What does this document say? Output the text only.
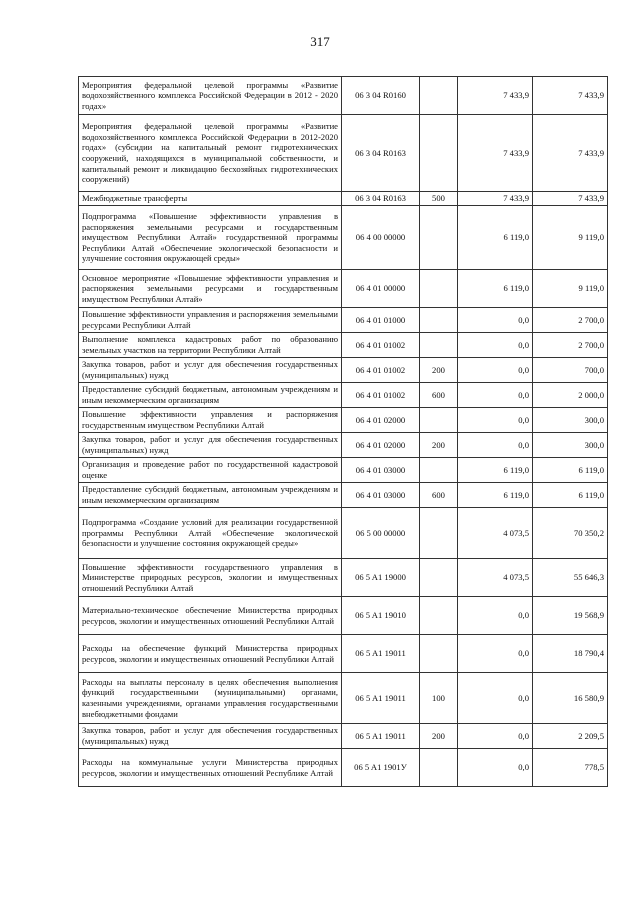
317
Мероприятия федеральной целевой программы «Развитие водохозяйственного комплекса Российской Федерации в 2012 - 2020 годах»	06 3 04 R0160		7 433,9	7 433,9
Мероприятия федеральной целевой программы «Развитие водохозяйственного комплекса Российской Федерации в 2012-2020 годах» (субсидии на капитальный ремонт гидротехнических сооружений, находящихся в муниципальной собственности, и капитальный ремонт и ликвидацию бесхозяйных гидротехнических сооружений)	06 3 04 R0163		7 433,9	7 433,9
Межбюджетные трансферты	06 3 04 R0163	500	7 433,9	7 433,9
Подпрограмма «Повышение эффективности управления в распоряжения земельными ресурсами и государственным имуществом Республики Алтай» государственной программы Республики Алтай «Обеспечение экологической безопасности и улучшение состояния окружающей среды»	06 4 00 00000		6 119,0	9 119,0
Основное мероприятие «Повышение эффективности управления и распоряжения земельными ресурсами и государственным имуществом Республики Алтай»	06 4 01 00000		6 119,0	9 119,0
Повышение эффективности управления и распоряжения земельными ресурсами Республики Алтай	06 4 01 01000		0,0	2 700,0
Выполнение комплекса кадастровых работ по образованию земельных участков на территории Республики Алтай	06 4 01 01002		0,0	2 700,0
Закупка товаров, работ и услуг для обеспечения государственных (муниципальных) нужд	06 4 01 01002	200	0,0	700,0
Предоставление субсидий бюджетным, автономным учреждениям и иным некоммерческим организациям	06 4 01 01002	600	0,0	2 000,0
Повышение эффективности управления и распоряжения государственным имуществом Республики Алтай	06 4 01 02000		0,0	300,0
Закупка товаров, работ и услуг для обеспечения государственных (муниципальных) нужд	06 4 01 02000	200	0,0	300,0
Организация и проведение работ по государственной кадастровой оценке	06 4 01 03000		6 119,0	6 119,0
Предоставление субсидий бюджетным, автономным учреждениям и иным некоммерческим организациям	06 4 01 03000	600	6 119,0	6 119,0
Подпрограмма «Создание условий для реализации государственной программы Республики Алтай «Обеспечение экологической безопасности и улучшение состояния окружающей среды»	06 5 00 00000		4 073,5	70 350,2
Повышение эффективности государственного управления в Министерстве природных ресурсов, экологии и имущественных отношений Республики Алтай	06 5 A1 19000		4 073,5	55 646,3
Материально-техническое обеспечение Министерства природных ресурсов, экологии и имущественных отношений Республики Алтай	06 5 A1 19010		0,0	19 568,9
Расходы на обеспечение функций Министерства природных ресурсов, экологии и имущественных отношений Республики Алтай	06 5 A1 19011		0,0	18 790,4
Расходы на выплаты персоналу в целях обеспечения выполнения функций государственными (муниципальными) органами, казенными учреждениями, органами управления государственными внебюджетными фондами	06 5 A1 19011	100	0,0	16 580,9
Закупка товаров, работ и услуг для обеспечения государственных (муниципальных) нужд	06 5 A1 19011	200	0,0	2 209,5
Расходы на коммунальные услуги Министерства природных ресурсов, экологии и имущественных отношений Республике Алтай	06 5 A1 1901У		0,0	778,5
